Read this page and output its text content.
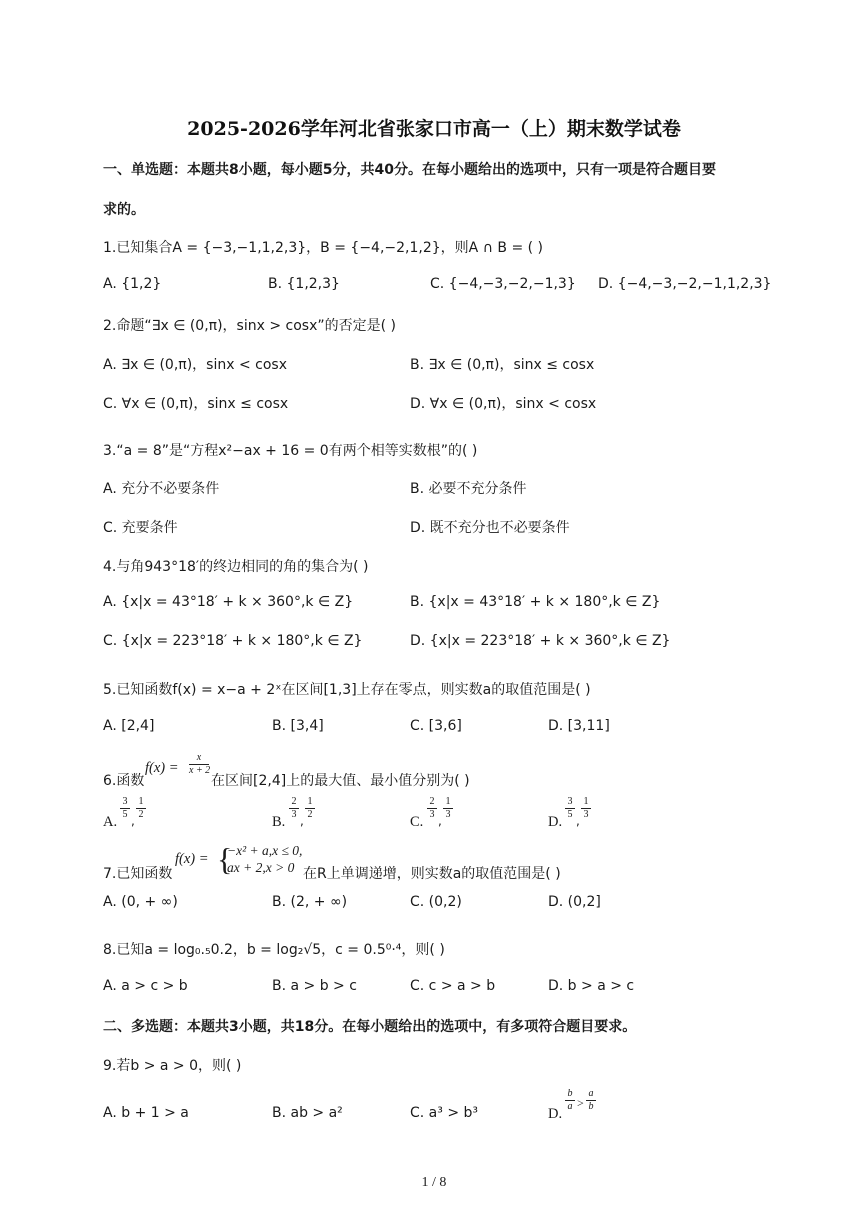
2025-2026学年河北省张家口市高一（上）期末数学试卷
一、单选题：本题共8小题，每小题5分，共40分。在每小题给出的选项中，只有一项是符合题目要
求的。
1.已知集合A = {−3,−1,1,2,3}，B = {−4,−2,1,2}，则A ∩ B = ( )
A. {1,2}	B. {1,2,3}	C. {−4,−3,−2,−1,3} D. {−4,−3,−2,−1,1,2,3}
2.命题“∃x ∈ (0,π)，sinx > cosx”的否定是( )
A. ∃x ∈ (0,π)，sinx < cosx	B. ∃x ∈ (0,π)，sinx ≤ cosx
C. ∀x ∈ (0,π)，sinx ≤ cosx	D. ∀x ∈ (0,π)，sinx < cosx
3.“a = 8”是“方程x²−ax + 16 = 0有两个相等实数根”的( )
A. 充分不必要条件	B. 必要不充分条件
C. 充要条件	D. 既不充分也不必要条件
4.与角943°18′的终边相同的角的集合为( )
A. {x|x = 43°18′ + k × 360°,k ∈ Z}	B. {x|x = 43°18′ + k × 180°,k ∈ Z}
C. {x|x = 223°18′ + k × 180°,k ∈ Z}	D. {x|x = 223°18′ + k × 360°,k ∈ Z}
5.已知函数f(x) = x−a + 2ˣ在区间[1,3]上存在零点，则实数a的取值范围是( )
A. [2,4]	B. [3,4]	C. [3,6]	D. [3,11]
6.函数
$f(x) = \frac{x}{x + 2}$
在区间[2,4]上的最大值、最小值分别为( )
A.
3
5 ,
1
2	B.
2
3 ,
1
2	C.
2
3 ,
1
3	D.
3
5 ,
1
3
7.已知函数
f(x) = {
−x² + a,x ≤ 0,
ax + 2,x > 0 在R上单调递增，则实数a的取值范围是( )
A. (0, + ∞)	B. (2, + ∞)	C. (0,2)	D. (0,2]
8.已知a = log₀.₅0.2，b = log₂√5，c = 0.5⁰·⁴，则( )
A. a > c > b	B. a > b > c	C. c > a > b	D. b > a > c
二、多选题：本题共3小题，共18分。在每小题给出的选项中，有多项符合题目要求。
9.若b > a > 0，则( )
A. b + 1 > a	B. ab > a²	C. a³ > b³	D.
b
a >
a
b
1 / 8
